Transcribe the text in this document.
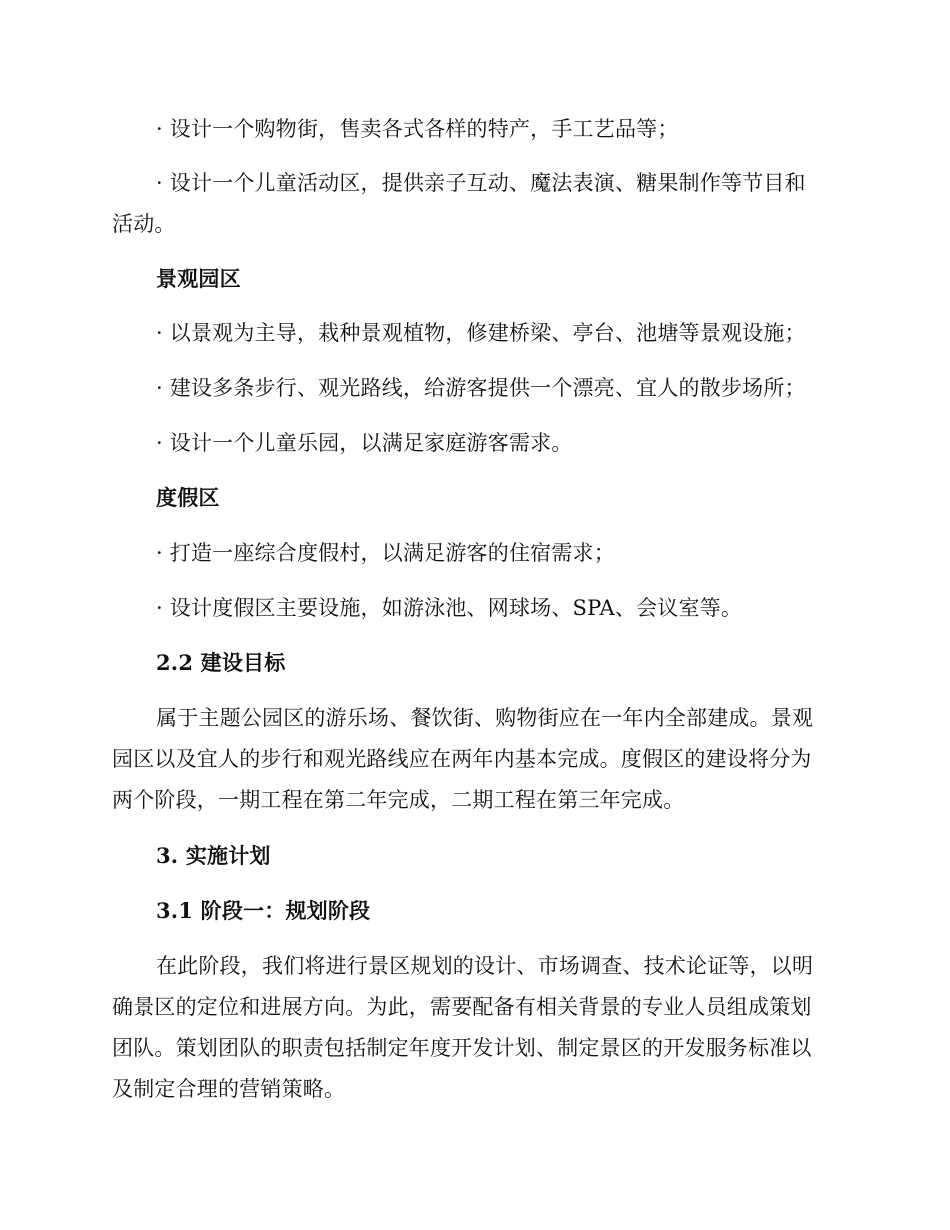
· 设计一个购物街，售卖各式各样的特产，手工艺品等；
· 设计一个儿童活动区，提供亲子互动、魔法表演、糖果制作等节目和
活动。
景观园区
· 以景观为主导，栽种景观植物，修建桥梁、亭台、池塘等景观设施；
· 建设多条步行、观光路线，给游客提供一个漂亮、宜人的散步场所；
· 设计一个儿童乐园，以满足家庭游客需求。
度假区
· 打造一座综合度假村，以满足游客的住宿需求；
· 设计度假区主要设施，如游泳池、网球场、SPA、会议室等。
2.2 建设目标
属于主题公园区的游乐场、餐饮街、购物街应在一年内全部建成。景观
园区以及宜人的步行和观光路线应在两年内基本完成。度假区的建设将分为
两个阶段，一期工程在第二年完成，二期工程在第三年完成。
3. 实施计划
3.1 阶段一：规划阶段
在此阶段，我们将进行景区规划的设计、市场调查、技术论证等，以明
确景区的定位和进展方向。为此，需要配备有相关背景的专业人员组成策划
团队。策划团队的职责包括制定年度开发计划、制定景区的开发服务标准以
及制定合理的营销策略。
